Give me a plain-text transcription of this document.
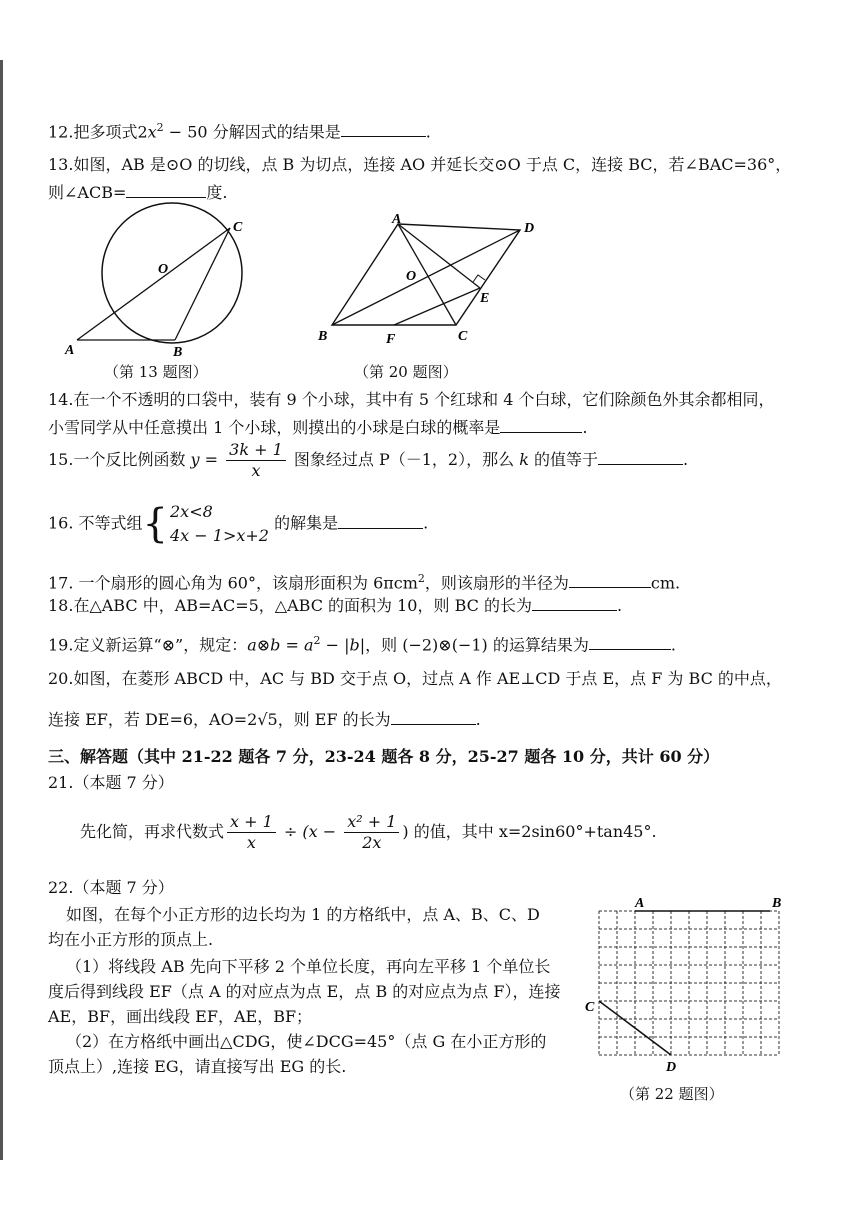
12.把多项式$2x^2 - 50$ 分解因式的结果是	.
13.如图，AB 是⊙O 的切线，点 B 为切点，连接 AO 并延长交⊙O 于点 C，连接 BC，若∠BAC=36°，
则∠ACB=	度.
A	B
C
O
（第 13 题图）
A
D
C
B	F
E
O
（第 20 题图）
14.在一个不透明的口袋中，装有 9 个小球，其中有 5 个红球和 4 个白球，它们除颜色外其余都相同，
小雪同学从中任意摸出 1 个小球，则摸出的小球是白球的概率是	.
15.一个反比例函数 $y = \frac{3k + 1}{x}$ 图象经过点 P（－1，2），那么 k 的值等于	.
16. 不等式组{ 2x<8
4x − 1>x+2
的解集是	.
17. 一个扇形的圆心角为 60°，该扇形面积为 6πcm$^2$，则该扇形的半径为	cm.
18.在△ABC 中，AB=AC=5，△ABC 的面积为 10，则 BC 的长为	.
19.定义新运算“⊗”，规定：a⊗b = $a^2 - |b|$，则 (−2)⊗(−1) 的运算结果为	.
20.如图，在菱形 ABCD 中，AC 与 BD 交于点 O，过点 A 作 AE⊥CD 于点 E，点 F 为 BC 的中点，
连接 EF，若 DE=6，AO=2√5，则 EF 的长为	.
三、解答题（其中 21-22 题各 7 分，23-24 题各 8 分，25-27 题各 10 分，共计 60 分）
21.（本题 7 分）
先化简，再求代数式 $\frac{x + 1}{x} \div (x - \frac{\text{x² + 1}}{2x}$ ) 的值，其中 x=2sin60°+tan45°.
22.（本题 7 分）
如图，在每个小正方形的边长均为 1 的方格纸中，点 A、B、C、D
均在小正方形的顶点上.
（1）将线段 AB 先向下平移 2 个单位长度，再向左平移 1 个单位长
度后得到线段 EF（点 A 的对应点为点 E，点 B 的对应点为点 F），连接
AE，BF，画出线段 EF，AE，BF；
（2）在方格纸中画出△CDG，使∠DCG=45°（点 G 在小正方形的
顶点上）,连接 EG，请直接写出 EG 的长.
A	B
C
D
（第 22 题图）
